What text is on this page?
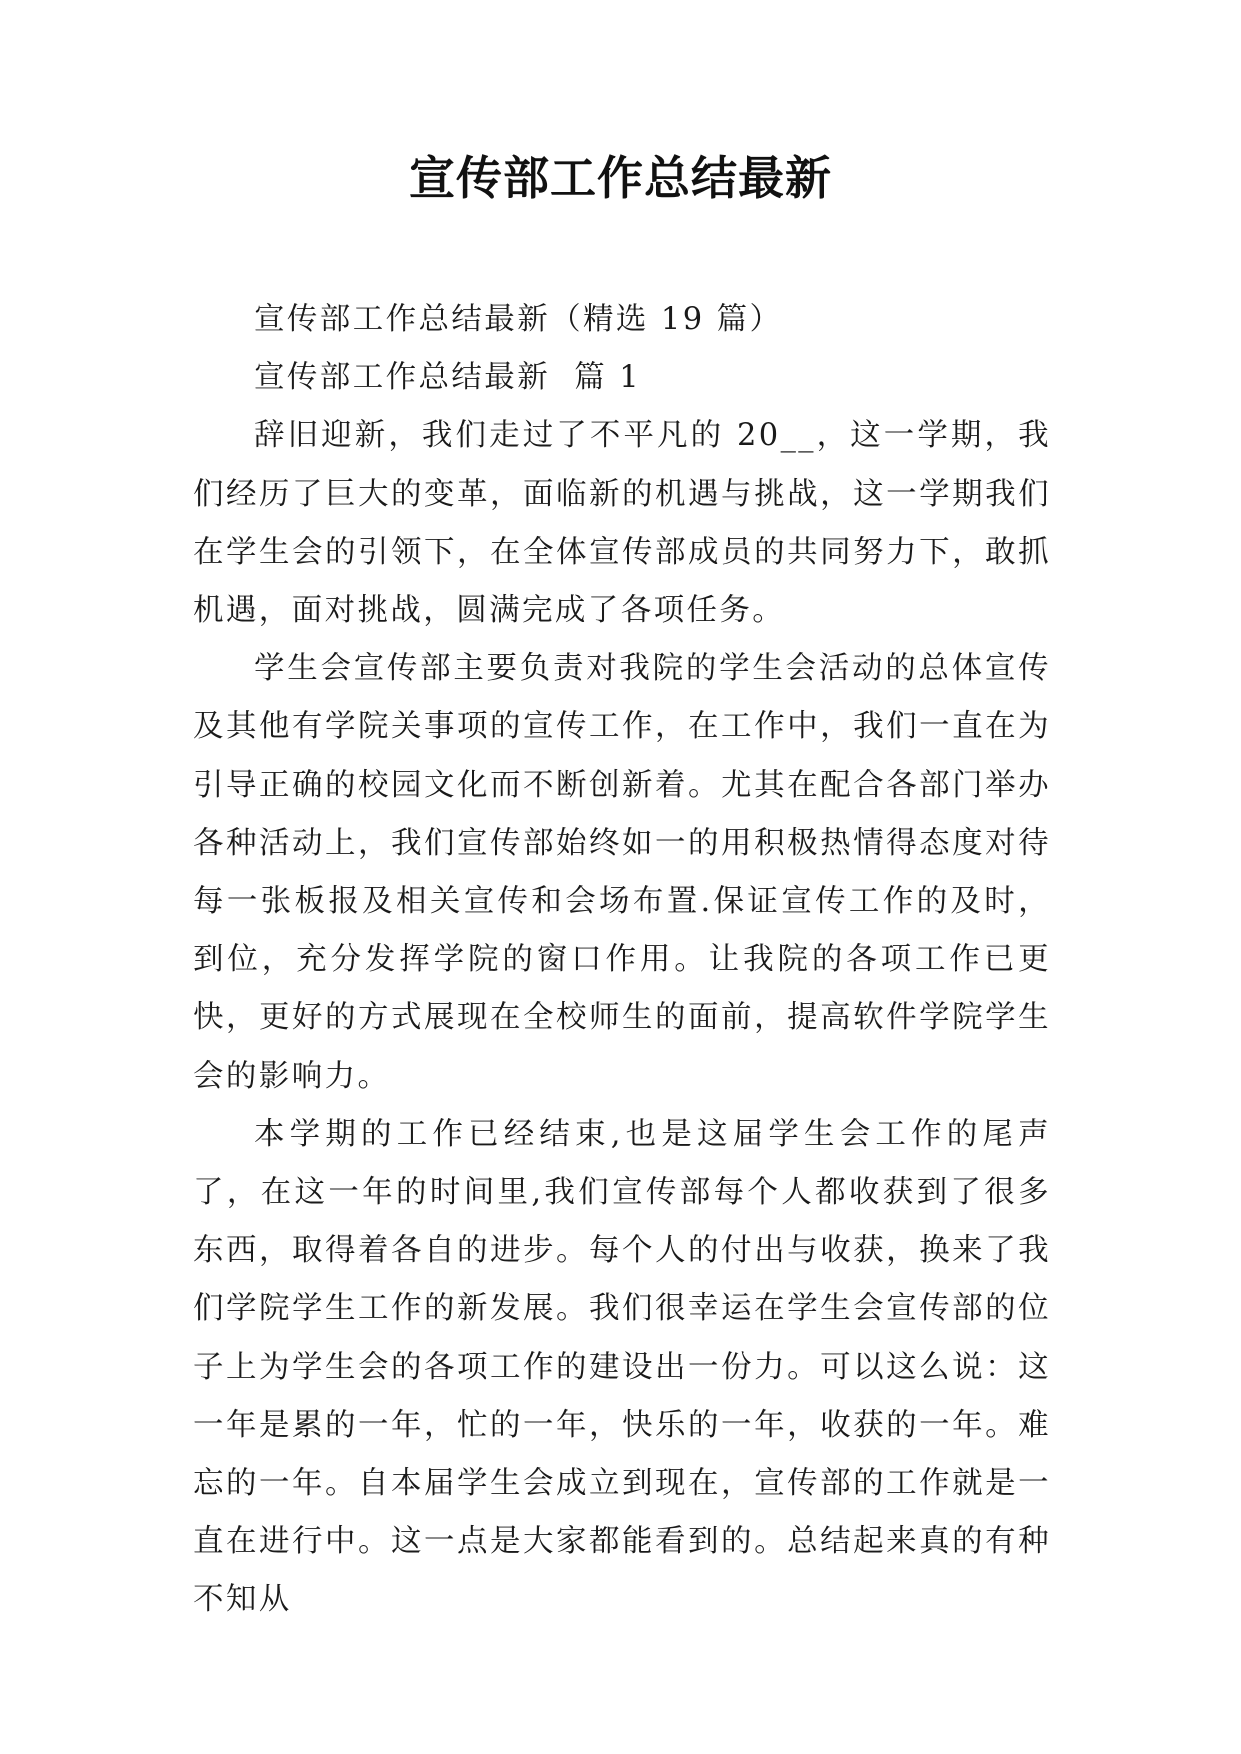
宣传部工作总结最新

宣传部工作总结最新（精选 19 篇）

宣传部工作总结最新  篇 1

辞旧迎新，我们走过了不平凡的 20__，这一学期，我们经历了巨大的变革，面临新的机遇与挑战，这一学期我们在学生会的引领下，在全体宣传部成员的共同努力下，敢抓机遇，面对挑战，圆满完成了各项任务。

学生会宣传部主要负责对我院的学生会活动的总体宣传及其他有学院关事项的宣传工作，在工作中，我们一直在为引导正确的校园文化而不断创新着。尤其在配合各部门举办各种活动上，我们宣传部始终如一的用积极热情得态度对待每一张板报及相关宣传和会场布置.保证宣传工作的及时，到位，充分发挥学院的窗口作用。让我院的各项工作已更快，更好的方式展现在全校师生的面前，提高软件学院学生会的影响力。

本学期的工作已经结束,也是这届学生会工作的尾声了，在这一年的时间里,我们宣传部每个人都收获到了很多东西，取得着各自的进步。每个人的付出与收获，换来了我们学院学生工作的新发展。我们很幸运在学生会宣传部的位子上为学生会的各项工作的建设出一份力。可以这么说：这一年是累的一年，忙的一年，快乐的一年，收获的一年。难忘的一年。自本届学生会成立到现在，宣传部的工作就是一直在进行中。这一点是大家都能看到的。总结起来真的有种不知从
